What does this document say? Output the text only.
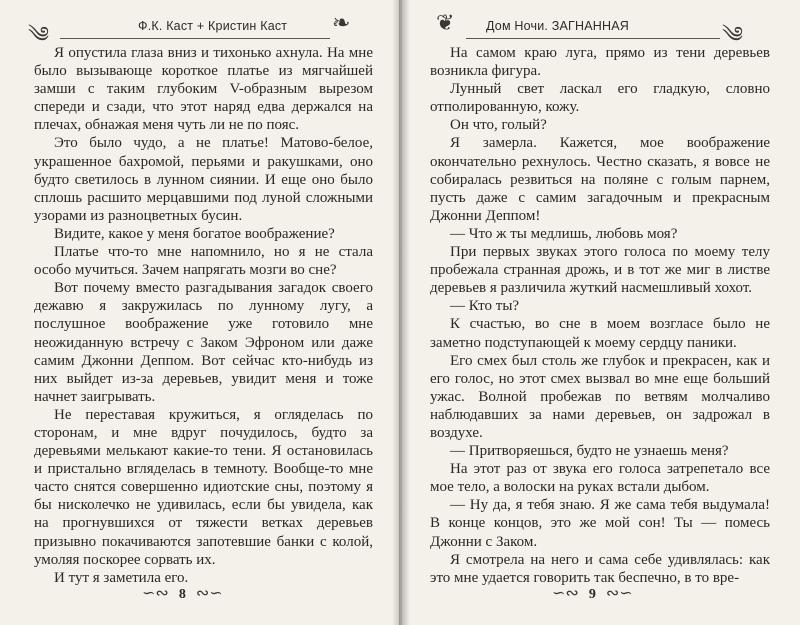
༄	Ф.К. Каст + Кристин Каст ❧

Я опустила глаза вниз и тихонько ахнула. На мне было вызывающе короткое платье из мягчайшей замши с таким глубоким V-образным вырезом спереди и сзади, что этот наряд едва держался на плечах, обнажая меня чуть ли не по пояс.

Это было чудо, а не платье! Матово-белое, украшенное бахромой, перьями и ракушками, оно будто светилось в лунном сиянии. И еще оно было сплошь расшито мерцавшими под луной сложными узорами из разноцветных бусин.

Видите, какое у меня богатое воображение?

Платье что-то мне напомнило, но я не стала особо мучиться. Зачем напрягать мозги во сне?

Вот почему вместо разгадывания загадок своего дежавю я закружилась по лунному лугу, а послушное воображение уже готовило мне неожиданную встречу с Заком Эфроном или даже самим Джонни Деппом. Вот сейчас кто-нибудь из них выйдет из-за деревьев, увидит меня и тоже начнет заигрывать.

Не переставая кружиться, я огляделась по сторонам, и мне вдруг почудилось, будто за деревьями мелькают какие-то тени. Я остановилась и пристально вгляделась в темноту. Вообще-то мне часто снятся совершенно идиотские сны, поэтому я бы нисколечко не удивилась, если бы увидела, как на прогнувшихся от тяжести ветках деревьев призывно покачиваются запотевшие банки с колой, умоляя поскорее сорвать их.

И тут я заметила его.

∽∾ 8 ∾∽
❦	Дом Ночи. ЗАГНАННАЯ	༄

На самом краю луга, прямо из тени деревьев возникла фигура.

Лунный свет ласкал его гладкую, словно отполированную, кожу.

Он что, голый?

Я замерла. Кажется, мое воображение окончательно рехнулось. Честно сказать, я вовсе не собиралась резвиться на поляне с голым парнем, пусть даже с самим загадочным и прекрасным Джонни Деппом!

— Что ж ты медлишь, любовь моя?

При первых звуках этого голоса по моему телу пробежала странная дрожь, и в тот же миг в листве деревьев я различила жуткий насмешливый хохот.

— Кто ты?

К счастью, во сне в моем возгласе было не заметно подступающей к моему сердцу паники.

Его смех был столь же глубок и прекрасен, как и его голос, но этот смех вызвал во мне еще больший ужас. Волной пробежав по ветвям молчаливо наблюдавших за нами деревьев, он задрожал в воздухе.

— Притворяешься, будто не узнаешь меня?

На этот раз от звука его голоса затрепетало все мое тело, а волоски на руках встали дыбом.

— Ну да, я тебя знаю. Я же сама тебя выдумала! В конце концов, это же мой сон! Ты — помесь Джонни с Заком.

Я смотрела на него и сама себе удивлялась: как это мне удается говорить так беспечно, в то вре-

∽∾ 9 ∾∽
